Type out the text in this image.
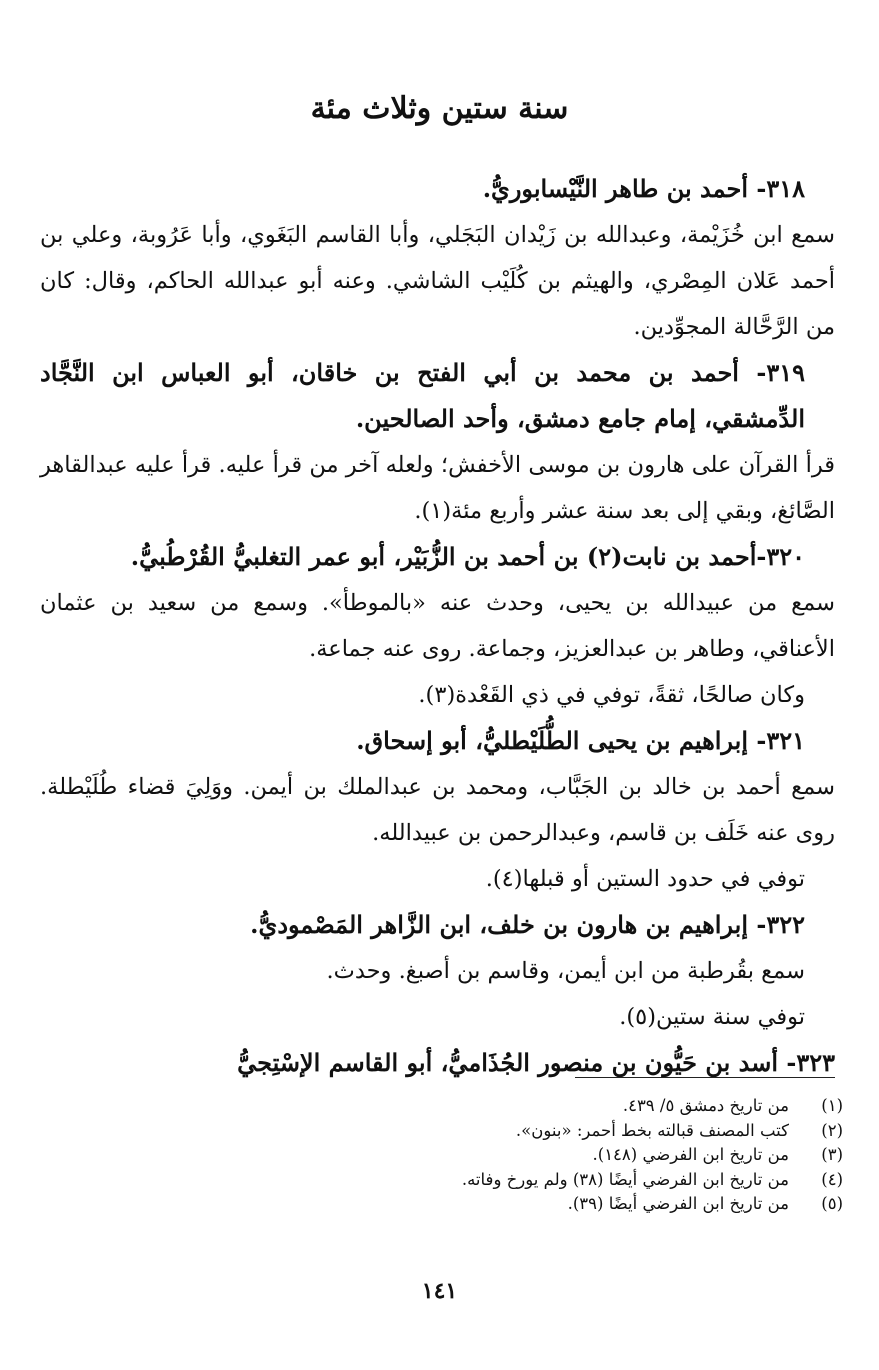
سنة ستين وثلاث مئة

٣١٨- أحمد بن طاهر النَّيْسابوريُّ.

سمع ابن خُزَيْمة، وعبدالله بن زَيْدان البَجَلي، وأبا القاسم البَغَوي، وأبا عَرُوبة، وعلي بن أحمد عَلان المِصْري، والهيثم بن كُلَيْب الشاشي. وعنه أبو عبدالله الحاكم، وقال: كان من الرَّحَّالة المجوِّدين.

٣١٩- أحمد بن محمد بن أبي الفتح بن خاقان، أبو العباس ابن النَّجَّاد الدِّمشقي، إمام جامع دمشق، وأحد الصالحين.

قرأ القرآن على هارون بن موسى الأخفش؛ ولعله آخر من قرأ عليه. قرأ عليه عبدالقاهر الصَّائغ، وبقي إلى بعد سنة عشر وأربع مئة(١).

٣٢٠-أحمد بن نابت(٢) بن أحمد بن الزُّبَيْر، أبو عمر التغلبيُّ القُرْطُبيُّ.

سمع من عبيدالله بن يحيى، وحدث عنه «بالموطأ». وسمع من سعيد بن عثمان الأعناقي، وطاهر بن عبدالعزيز، وجماعة. روى عنه جماعة.

وكان صالحًا، ثقةً، توفي في ذي القَعْدة(٣).

٣٢١- إبراهيم بن يحيى الطُّلَيْطليُّ، أبو إسحاق.

سمع أحمد بن خالد بن الجَبَّاب، ومحمد بن عبدالملك بن أيمن. ووَلِيَ قضاء طُلَيْطلة. روى عنه خَلَف بن قاسم، وعبدالرحمن بن عبيدالله.

توفي في حدود الستين أو قبلها(٤).

٣٢٢- إبراهيم بن هارون بن خلف، ابن الزَّاهر المَصْموديُّ.

سمع بقُرطبة من ابن أيمن، وقاسم بن أصبغ. وحدث.

توفي سنة ستين(٥).

٣٢٣- أسد بن حَيُّون بن منصور الجُذَاميُّ، أبو القاسم الإسْتِجيُّ

(١)
من تاريخ دمشق ٥/ ٤٣٩.
(٢)
كتب المصنف قبالته بخط أحمر: «بنون».
(٣)
من تاريخ ابن الفرضي (١٤٨).
(٤)
من تاريخ ابن الفرضي أيضًا (٣٨) ولم يورخ وفاته.
(٥)
من تاريخ ابن الفرضي أيضًا (٣٩).
١٤١
